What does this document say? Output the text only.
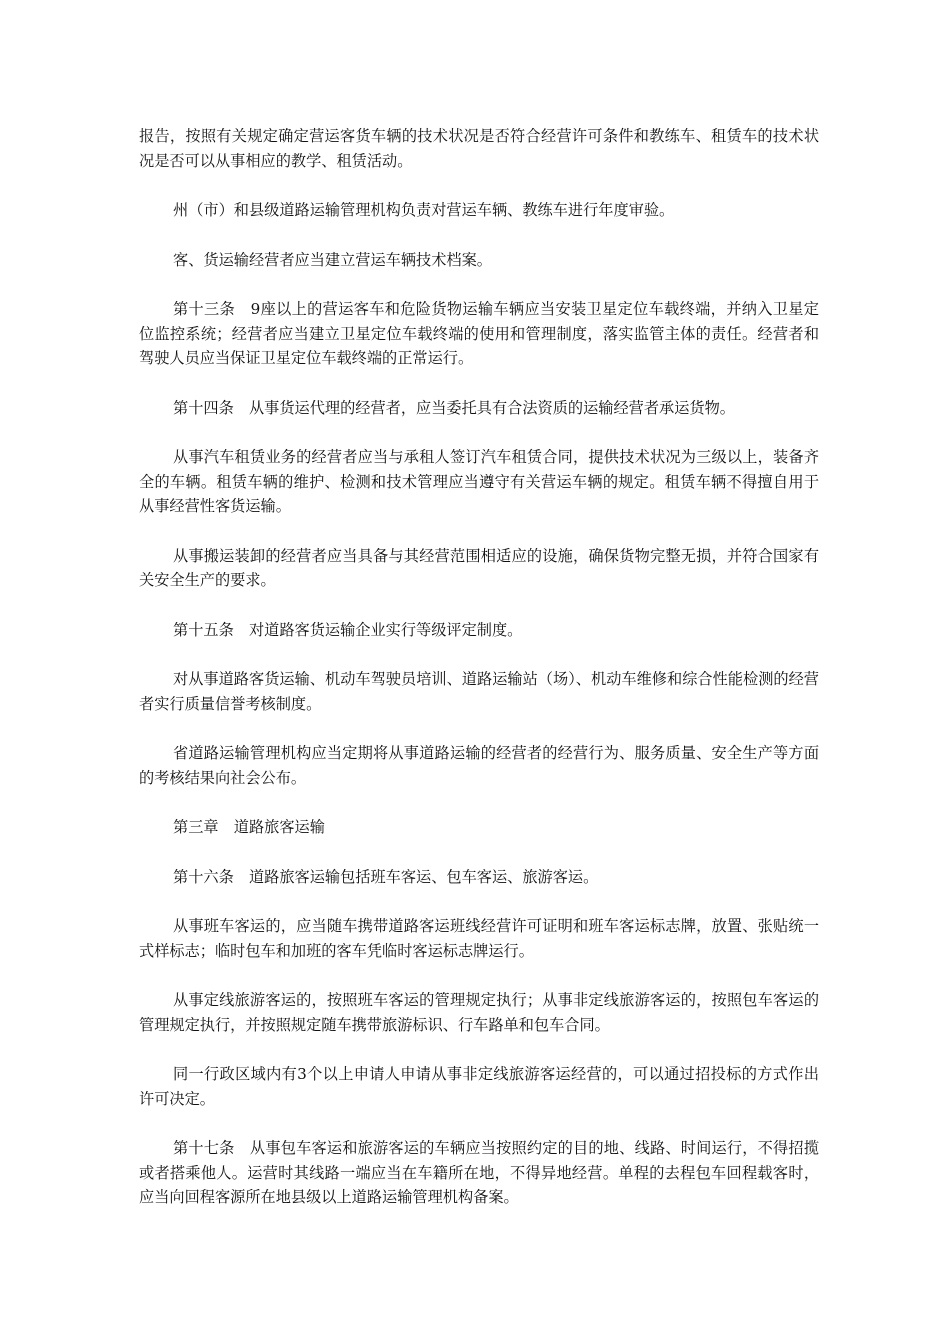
报告，按照有关规定确定营运客货车辆的技术状况是否符合经营许可条件和教练车、租赁车的技术状况是否可以从事相应的教学、租赁活动。

州（市）和县级道路运输管理机构负责对营运车辆、教练车进行年度审验。

客、货运输经营者应当建立营运车辆技术档案。

第十三条　9座以上的营运客车和危险货物运输车辆应当安装卫星定位车载终端，并纳入卫星定位监控系统；经营者应当建立卫星定位车载终端的使用和管理制度，落实监管主体的责任。经营者和驾驶人员应当保证卫星定位车载终端的正常运行。

第十四条　从事货运代理的经营者，应当委托具有合法资质的运输经营者承运货物。

从事汽车租赁业务的经营者应当与承租人签订汽车租赁合同，提供技术状况为三级以上，装备齐全的车辆。租赁车辆的维护、检测和技术管理应当遵守有关营运车辆的规定。租赁车辆不得擅自用于从事经营性客货运输。

从事搬运装卸的经营者应当具备与其经营范围相适应的设施，确保货物完整无损，并符合国家有关安全生产的要求。

第十五条　对道路客货运输企业实行等级评定制度。

对从事道路客货运输、机动车驾驶员培训、道路运输站（场）、机动车维修和综合性能检测的经营者实行质量信誉考核制度。

省道路运输管理机构应当定期将从事道路运输的经营者的经营行为、服务质量、安全生产等方面的考核结果向社会公布。

第三章　道路旅客运输

第十六条　道路旅客运输包括班车客运、包车客运、旅游客运。

从事班车客运的，应当随车携带道路客运班线经营许可证明和班车客运标志牌，放置、张贴统一式样标志；临时包车和加班的客车凭临时客运标志牌运行。

从事定线旅游客运的，按照班车客运的管理规定执行；从事非定线旅游客运的，按照包车客运的管理规定执行，并按照规定随车携带旅游标识、行车路单和包车合同。

同一行政区域内有3个以上申请人申请从事非定线旅游客运经营的，可以通过招投标的方式作出许可决定。

第十七条　从事包车客运和旅游客运的车辆应当按照约定的目的地、线路、时间运行，不得招揽或者搭乘他人。运营时其线路一端应当在车籍所在地，不得异地经营。单程的去程包车回程载客时，应当向回程客源所在地县级以上道路运输管理机构备案。
